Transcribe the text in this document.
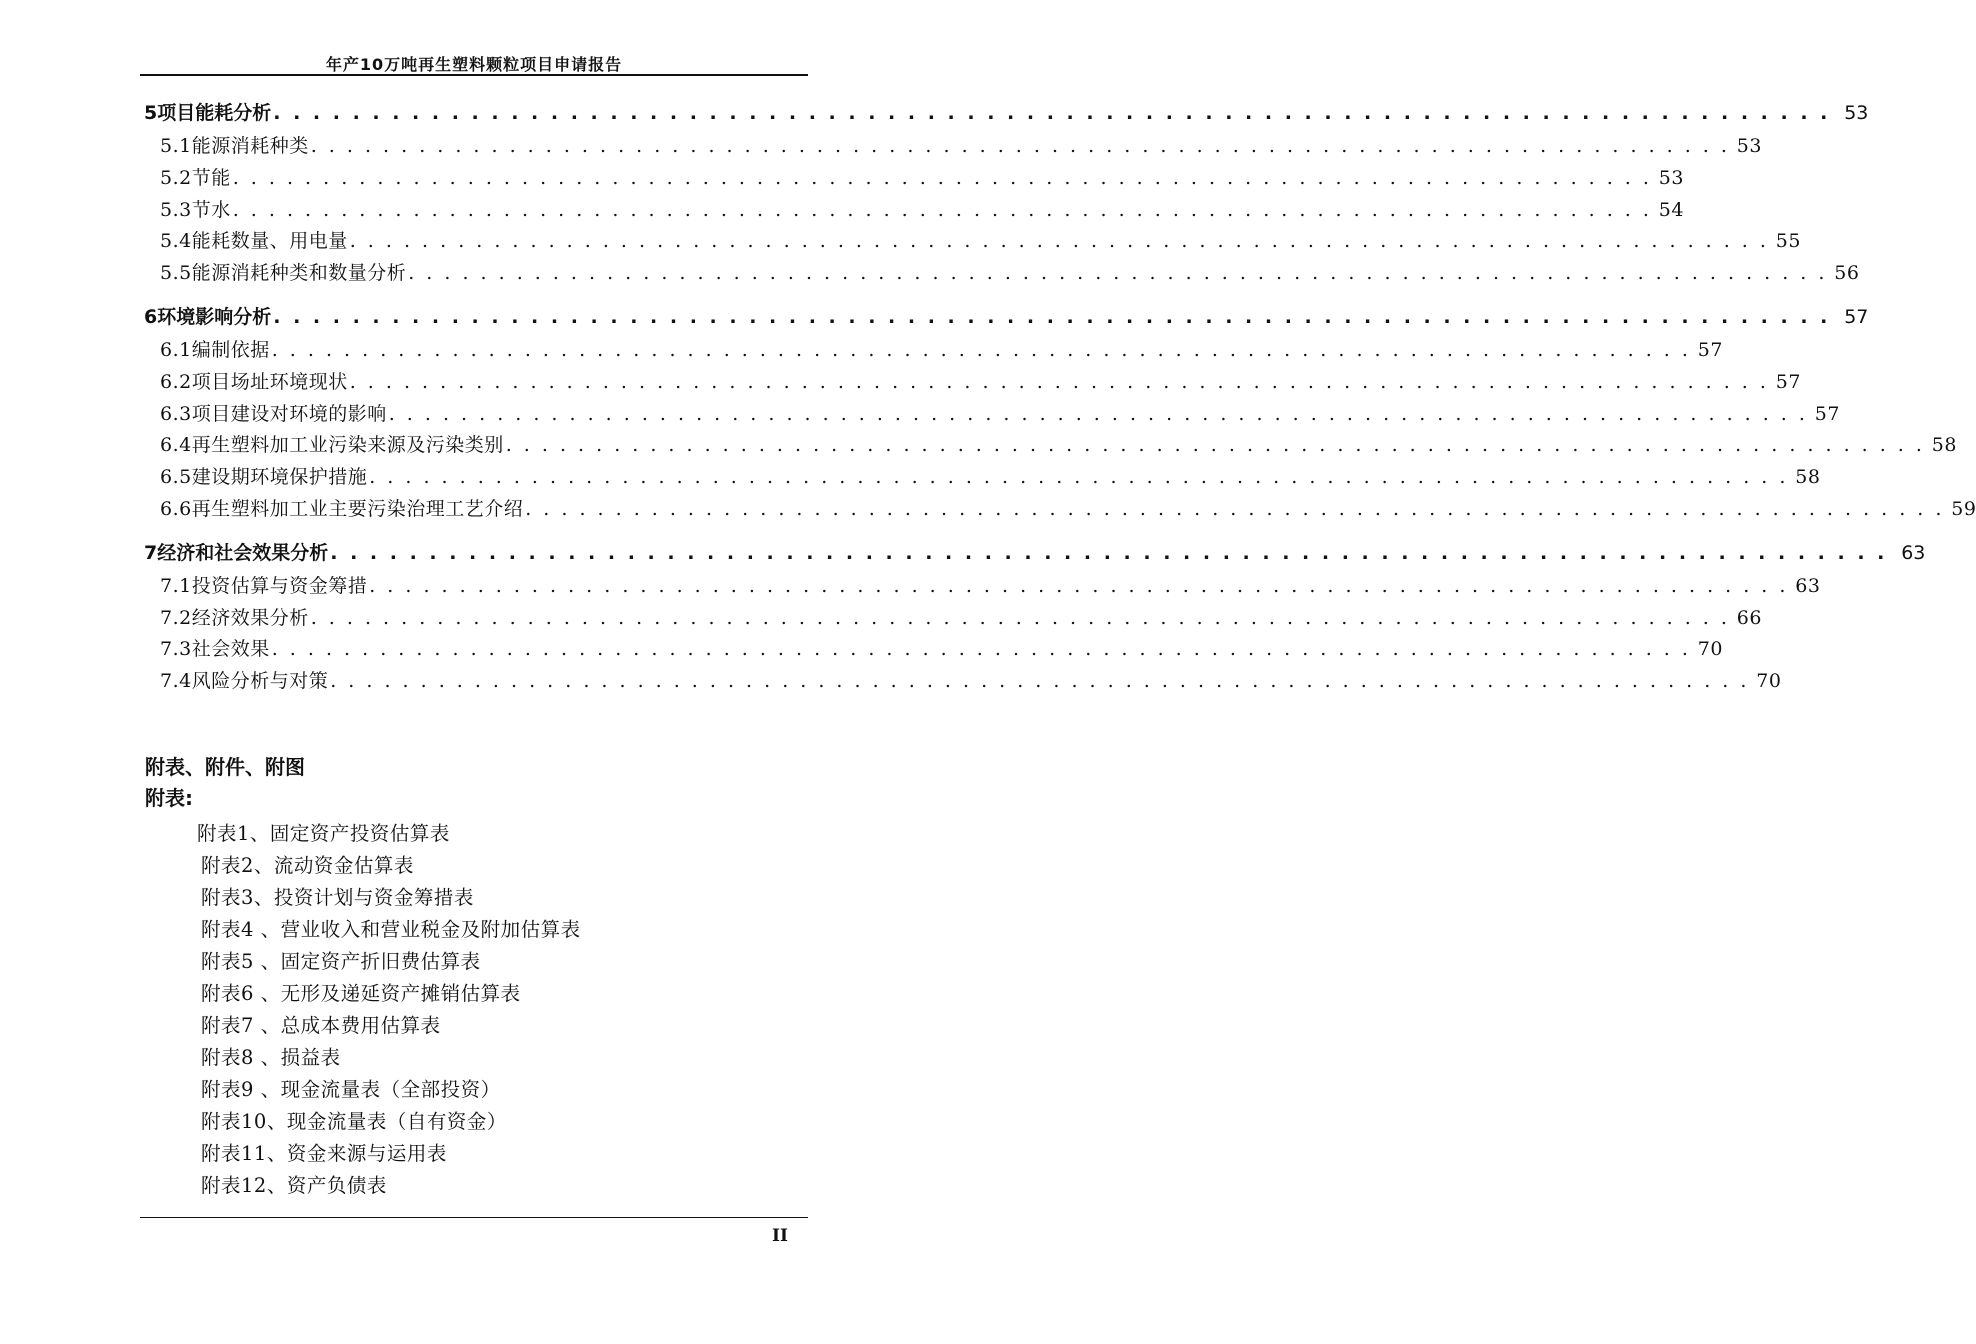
年产10万吨再生塑料颗粒项目申请报告
5项目能耗分析 . . . . . . . . . . . . . . . . . . . . . . . . . . . . . . . . . . . . . . . . . . . . . . . . . . . . . . . . . . . . . . . . . . . . . . . . . . . . . . . 53
5.1能源消耗种类 . . . . . . . . . . . . . . . . . . . . . . . . . . . . . . . . . . . . . . . . . . . . . . . . . . . . . . . . . . . . . . . . . . . . . . . . . . . . . . . 53
5.2节能 . . . . . . . . . . . . . . . . . . . . . . . . . . . . . . . . . . . . . . . . . . . . . . . . . . . . . . . . . . . . . . . . . . . . . . . . . . . . . . . 53
5.3节水 . . . . . . . . . . . . . . . . . . . . . . . . . . . . . . . . . . . . . . . . . . . . . . . . . . . . . . . . . . . . . . . . . . . . . . . . . . . . . . . 54
5.4能耗数量、用电量 . . . . . . . . . . . . . . . . . . . . . . . . . . . . . . . . . . . . . . . . . . . . . . . . . . . . . . . . . . . . . . . . . . . . . . . . . . . . . . . 55
5.5能源消耗种类和数量分析 . . . . . . . . . . . . . . . . . . . . . . . . . . . . . . . . . . . . . . . . . . . . . . . . . . . . . . . . . . . . . . . . . . . . . . . . . . . . . . . 56
6环境影响分析 . . . . . . . . . . . . . . . . . . . . . . . . . . . . . . . . . . . . . . . . . . . . . . . . . . . . . . . . . . . . . . . . . . . . . . . . . . . . . . . 57
6.1编制依据 . . . . . . . . . . . . . . . . . . . . . . . . . . . . . . . . . . . . . . . . . . . . . . . . . . . . . . . . . . . . . . . . . . . . . . . . . . . . . . . 57
6.2项目场址环境现状 . . . . . . . . . . . . . . . . . . . . . . . . . . . . . . . . . . . . . . . . . . . . . . . . . . . . . . . . . . . . . . . . . . . . . . . . . . . . . . . 57
6.3项目建设对环境的影响 . . . . . . . . . . . . . . . . . . . . . . . . . . . . . . . . . . . . . . . . . . . . . . . . . . . . . . . . . . . . . . . . . . . . . . . . . . . . . . . 57
6.4再生塑料加工业污染来源及污染类别 . . . . . . . . . . . . . . . . . . . . . . . . . . . . . . . . . . . . . . . . . . . . . . . . . . . . . . . . . . . . . . . . . . . . . . . . . . . . . . . 58
6.5建设期环境保护措施 . . . . . . . . . . . . . . . . . . . . . . . . . . . . . . . . . . . . . . . . . . . . . . . . . . . . . . . . . . . . . . . . . . . . . . . . . . . . . . . 58
6.6再生塑料加工业主要污染治理工艺介绍 . . . . . . . . . . . . . . . . . . . . . . . . . . . . . . . . . . . . . . . . . . . . . . . . . . . . . . . . . . . . . . . . . . . . . . . . . . . . . . . 59
7经济和社会效果分析 . . . . . . . . . . . . . . . . . . . . . . . . . . . . . . . . . . . . . . . . . . . . . . . . . . . . . . . . . . . . . . . . . . . . . . . . . . . . . . . 63
7.1投资估算与资金筹措 . . . . . . . . . . . . . . . . . . . . . . . . . . . . . . . . . . . . . . . . . . . . . . . . . . . . . . . . . . . . . . . . . . . . . . . . . . . . . . . 63
7.2经济效果分析 . . . . . . . . . . . . . . . . . . . . . . . . . . . . . . . . . . . . . . . . . . . . . . . . . . . . . . . . . . . . . . . . . . . . . . . . . . . . . . . 66
7.3社会效果 . . . . . . . . . . . . . . . . . . . . . . . . . . . . . . . . . . . . . . . . . . . . . . . . . . . . . . . . . . . . . . . . . . . . . . . . . . . . . . . 70
7.4风险分析与对策 . . . . . . . . . . . . . . . . . . . . . . . . . . . . . . . . . . . . . . . . . . . . . . . . . . . . . . . . . . . . . . . . . . . . . . . . . . . . . . . 70
附表、附件、附图
附表:
附表1、固定资产投资估算表
附表2、流动资金估算表
附表3、投资计划与资金筹措表
附表4 、营业收入和营业税金及附加估算表
附表5 、固定资产折旧费估算表
附表6 、无形及递延资产摊销估算表
附表7 、总成本费用估算表
附表8 、损益表
附表9 、现金流量表（全部投资）
附表10、现金流量表（自有资金）
附表11、资金来源与运用表
附表12、资产负债表
II
